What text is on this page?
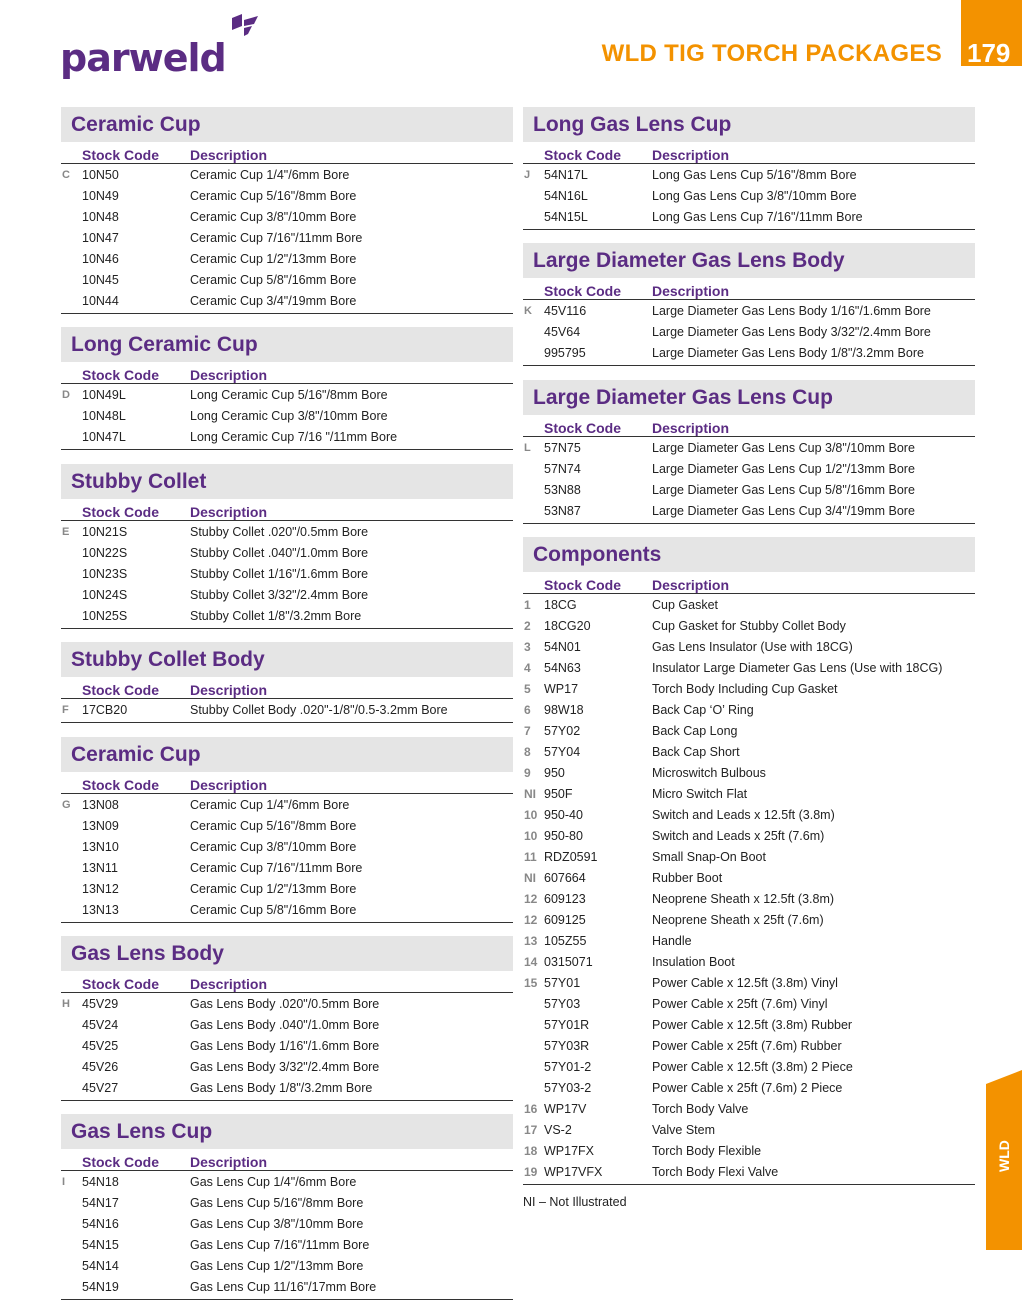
parweld	WLD TIG TORCH PACKAGES 179
WLD
Ceramic Cup
Stock Code	Description
C 10N50	Ceramic Cup 1/4"/6mm Bore
10N49	Ceramic Cup 5/16"/8mm Bore
10N48	Ceramic Cup 3/8"/10mm Bore
10N47	Ceramic Cup 7/16"/11mm Bore
10N46	Ceramic Cup 1/2"/13mm Bore
10N45	Ceramic Cup 5/8"/16mm Bore
10N44	Ceramic Cup 3/4"/19mm Bore
Long Ceramic Cup
Stock Code	Description
D 10N49L	Long Ceramic Cup 5/16"/8mm Bore
10N48L	Long Ceramic Cup 3/8"/10mm Bore
10N47L	Long Ceramic Cup 7/16 "/11mm Bore
Stubby Collet
Stock Code	Description
E	10N21S	Stubby Collet .020"/0.5mm Bore
10N22S	Stubby Collet .040"/1.0mm Bore
10N23S	Stubby Collet 1/16"/1.6mm Bore
10N24S	Stubby Collet 3/32"/2.4mm Bore
10N25S	Stubby Collet 1/8"/3.2mm Bore
Stubby Collet Body
Stock Code	Description
F	17CB20	Stubby Collet Body .020"-1/8"/0.5-3.2mm Bore
Ceramic Cup
Stock Code	Description
G 13N08	Ceramic Cup 1/4"/6mm Bore
13N09	Ceramic Cup 5/16"/8mm Bore
13N10	Ceramic Cup 3/8"/10mm Bore
13N11	Ceramic Cup 7/16"/11mm Bore
13N12	Ceramic Cup 1/2"/13mm Bore
13N13	Ceramic Cup 5/8"/16mm Bore
Gas Lens Body
Stock Code	Description
H 45V29	Gas Lens Body .020"/0.5mm Bore
45V24	Gas Lens Body .040"/1.0mm Bore
45V25	Gas Lens Body 1/16"/1.6mm Bore
45V26	Gas Lens Body 3/32"/2.4mm Bore
45V27	Gas Lens Body 1/8"/3.2mm Bore
Gas Lens Cup
Stock Code	Description
I	54N18	Gas Lens Cup 1/4"/6mm Bore
54N17	Gas Lens Cup 5/16"/8mm Bore
54N16	Gas Lens Cup 3/8"/10mm Bore
54N15	Gas Lens Cup 7/16"/11mm Bore
54N14	Gas Lens Cup 1/2"/13mm Bore
54N19	Gas Lens Cup 11/16"/17mm Bore
Long Gas Lens Cup
Stock Code	Description
J	54N17L	Long Gas Lens Cup 5/16"/8mm Bore
54N16L	Long Gas Lens Cup 3/8"/10mm Bore
54N15L	Long Gas Lens Cup 7/16"/11mm Bore
Large Diameter Gas Lens Body
Stock Code	Description
K 45V116	Large Diameter Gas Lens Body 1/16"/1.6mm Bore
45V64	Large Diameter Gas Lens Body 3/32"/2.4mm Bore
995795	Large Diameter Gas Lens Body 1/8"/3.2mm Bore
Large Diameter Gas Lens Cup
Stock Code	Description
L	57N75	Large Diameter Gas Lens Cup 3/8"/10mm Bore
57N74	Large Diameter Gas Lens Cup 1/2"/13mm Bore
53N88	Large Diameter Gas Lens Cup 5/8"/16mm Bore
53N87	Large Diameter Gas Lens Cup 3/4"/19mm Bore
Components
Stock Code	Description
1	18CG	Cup Gasket
2	18CG20	Cup Gasket for Stubby Collet Body
3	54N01	Gas Lens Insulator (Use with 18CG)
4	54N63	Insulator Large Diameter Gas Lens (Use with 18CG)
5	WP17	Torch Body Including Cup Gasket
6	98W18	Back Cap ‘O’ Ring
7	57Y02	Back Cap Long
8	57Y04	Back Cap Short
9	950	Microswitch Bulbous
NI 950F	Micro Switch Flat
10 950-40	Switch and Leads x 12.5ft (3.8m)
10 950-80	Switch and Leads x 25ft (7.6m)
11 RDZ0591	Small Snap-On Boot
NI 607664	Rubber Boot
12 609123	Neoprene Sheath x 12.5ft (3.8m)
12 609125	Neoprene Sheath x 25ft (7.6m)
13 105Z55	Handle
14 0315071	Insulation Boot
15 57Y01	Power Cable x 12.5ft (3.8m) Vinyl
57Y03	Power Cable x 25ft (7.6m) Vinyl
57Y01R	Power Cable x 12.5ft (3.8m) Rubber
57Y03R	Power Cable x 25ft (7.6m) Rubber
57Y01-2	Power Cable x 12.5ft (3.8m) 2 Piece
57Y03-2	Power Cable x 25ft (7.6m) 2 Piece
16 WP17V	Torch Body Valve
17 VS-2	Valve Stem
18 WP17FX	Torch Body Flexible
19 WP17VFX	Torch Body Flexi Valve
NI – Not Illustrated
